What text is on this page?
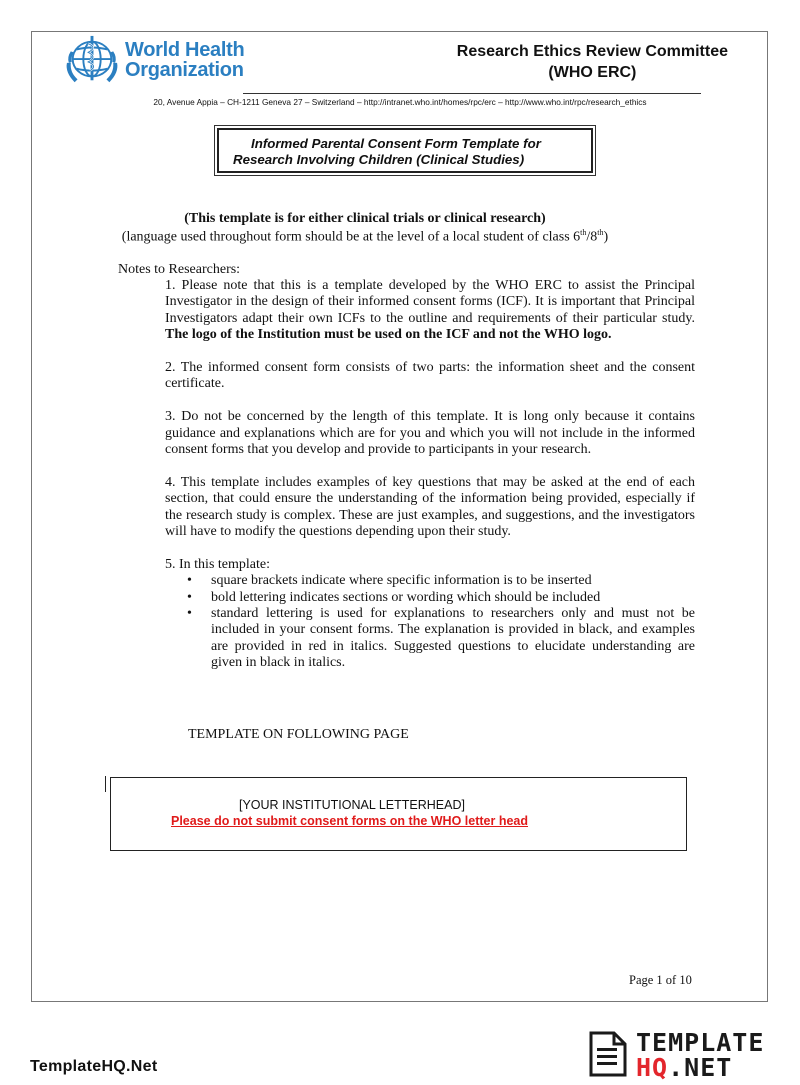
World Health
Organization
Research Ethics Review Committee
(WHO ERC)
20, Avenue Appia – CH-1211 Geneva 27 – Switzerland – http://intranet.who.int/homes/rpc/erc – http://www.who.int/rpc/research_ethics
Informed Parental Consent Form Template for
Research Involving Children (Clinical Studies)
(This template is for either clinical trials or clinical research)
(language used throughout form should be at the level of a local student of class 6th/8th)
Notes to Researchers:

1. Please note that this is a template developed by the WHO ERC to assist the Principal Investigator in the design of their informed consent forms (ICF). It is important that Principal Investigators adapt their own ICFs to the outline and requirements of their particular study. The logo of the Institution must be used on the ICF and not the WHO logo.

2. The informed consent form consists of two parts: the information sheet and the consent certificate.

3. Do not be concerned by the length of this template. It is long only because it contains guidance and explanations which are for you and which you will not include in the informed consent forms that you develop and provide to participants in your research.

4. This template includes examples of key questions that may be asked at the end of each section, that could ensure the understanding of the information being provided, especially if the research study is complex. These are just examples, and suggestions, and the investigators will have to modify the questions depending upon their study.

5. In this template:
• square brackets indicate where specific information is to be inserted
• bold lettering indicates sections or wording which should be included
• standard lettering is used for explanations to researchers only and must not be included in your consent forms. The explanation is provided in black, and examples are provided in red in italics. Suggested questions to elucidate understanding are given in black in italics.
TEMPLATE ON FOLLOWING PAGE
[YOUR INSTITUTIONAL LETTERHEAD]
Please do not submit consent forms on the WHO letter head
Page 1 of 10
TemplateHQ.Net
TEMPLATE
HQ.NET
